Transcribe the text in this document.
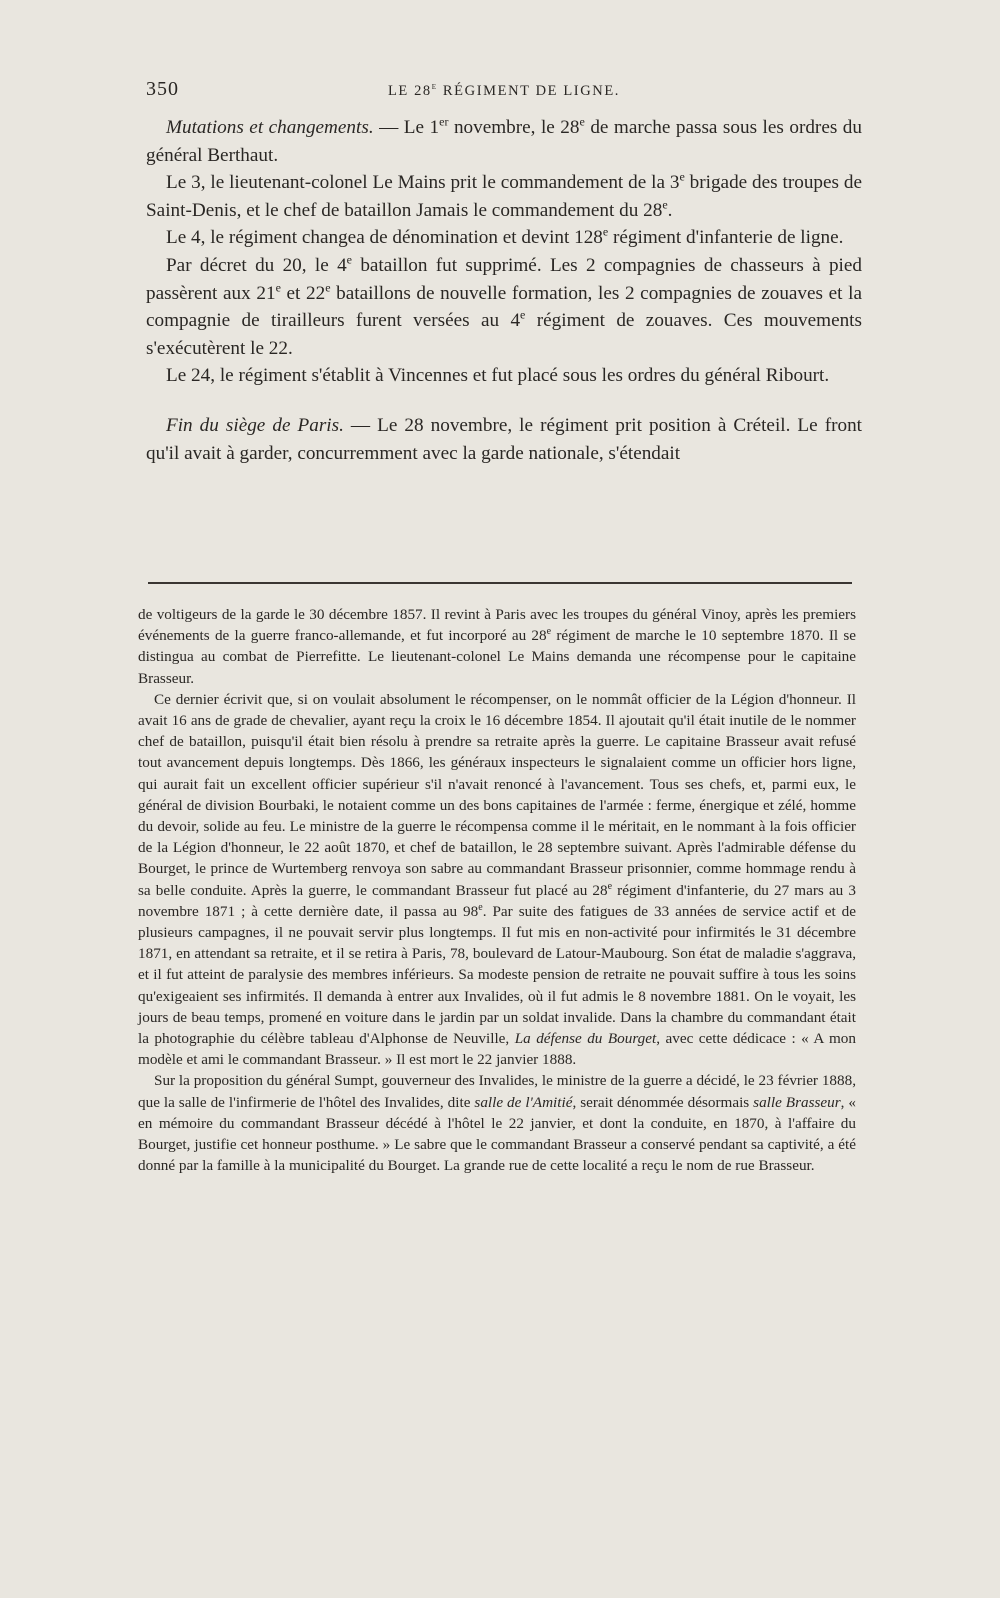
350	LE 28e RÉGIMENT DE LIGNE.

Mutations et changements. — Le 1er novembre, le 28e de marche passa sous les ordres du général Berthaut.

Le 3, le lieutenant-colonel Le Mains prit le commandement de la 3e brigade des troupes de Saint-Denis, et le chef de bataillon Jamais le commandement du 28e.

Le 4, le régiment changea de dénomination et devint 128e régiment d'infanterie de ligne.

Par décret du 20, le 4e bataillon fut supprimé. Les 2 compagnies de chasseurs à pied passèrent aux 21e et 22e bataillons de nouvelle formation, les 2 compagnies de zouaves et la compagnie de tirailleurs furent versées au 4e régiment de zouaves. Ces mouvements s'exécutèrent le 22.

Le 24, le régiment s'établit à Vincennes et fut placé sous les ordres du général Ribourt.

Fin du siège de Paris. — Le 28 novembre, le régiment prit position à Créteil. Le front qu'il avait à garder, concurremment avec la garde nationale, s'étendait

de voltigeurs de la garde le 30 décembre 1857. Il revint à Paris avec les troupes du général Vinoy, après les premiers événements de la guerre franco-allemande, et fut incorporé au 28e régiment de marche le 10 septembre 1870. Il se distingua au combat de Pierrefitte. Le lieutenant-colonel Le Mains demanda une récompense pour le capitaine Brasseur.

Ce dernier écrivit que, si on voulait absolument le récompenser, on le nommât officier de la Légion d'honneur. Il avait 16 ans de grade de chevalier, ayant reçu la croix le 16 décembre 1854. Il ajoutait qu'il était inutile de le nommer chef de bataillon, puisqu'il était bien résolu à prendre sa retraite après la guerre. Le capitaine Brasseur avait refusé tout avancement depuis longtemps. Dès 1866, les généraux inspecteurs le signalaient comme un officier hors ligne, qui aurait fait un excellent officier supérieur s'il n'avait renoncé à l'avancement. Tous ses chefs, et, parmi eux, le général de division Bourbaki, le notaient comme un des bons capitaines de l'armée : ferme, énergique et zélé, homme du devoir, solide au feu. Le ministre de la guerre le récompensa comme il le méritait, en le nommant à la fois officier de la Légion d'honneur, le 22 août 1870, et chef de bataillon, le 28 septembre suivant. Après l'admirable défense du Bourget, le prince de Wurtemberg renvoya son sabre au commandant Brasseur prisonnier, comme hommage rendu à sa belle conduite. Après la guerre, le commandant Brasseur fut placé au 28e régiment d'infanterie, du 27 mars au 3 novembre 1871 ; à cette dernière date, il passa au 98e. Par suite des fatigues de 33 années de service actif et de plusieurs campagnes, il ne pouvait servir plus longtemps. Il fut mis en non-activité pour infirmités le 31 décembre 1871, en attendant sa retraite, et il se retira à Paris, 78, boulevard de Latour-Maubourg. Son état de maladie s'aggrava, et il fut atteint de paralysie des membres inférieurs. Sa modeste pension de retraite ne pouvait suffire à tous les soins qu'exigeaient ses infirmités. Il demanda à entrer aux Invalides, où il fut admis le 8 novembre 1881. On le voyait, les jours de beau temps, promené en voiture dans le jardin par un soldat invalide. Dans la chambre du commandant était la photographie du célèbre tableau d'Alphonse de Neuville, La défense du Bourget, avec cette dédicace : « A mon modèle et ami le commandant Brasseur. » Il est mort le 22 janvier 1888.

Sur la proposition du général Sumpt, gouverneur des Invalides, le ministre de la guerre a décidé, le 23 février 1888, que la salle de l'infirmerie de l'hôtel des Invalides, dite salle de l'Amitié, serait dénommée désormais salle Brasseur, « en mémoire du commandant Brasseur décédé à l'hôtel le 22 janvier, et dont la conduite, en 1870, à l'affaire du Bourget, justifie cet honneur posthume. » Le sabre que le commandant Brasseur a conservé pendant sa captivité, a été donné par la famille à la municipalité du Bourget. La grande rue de cette localité a reçu le nom de rue Brasseur.
